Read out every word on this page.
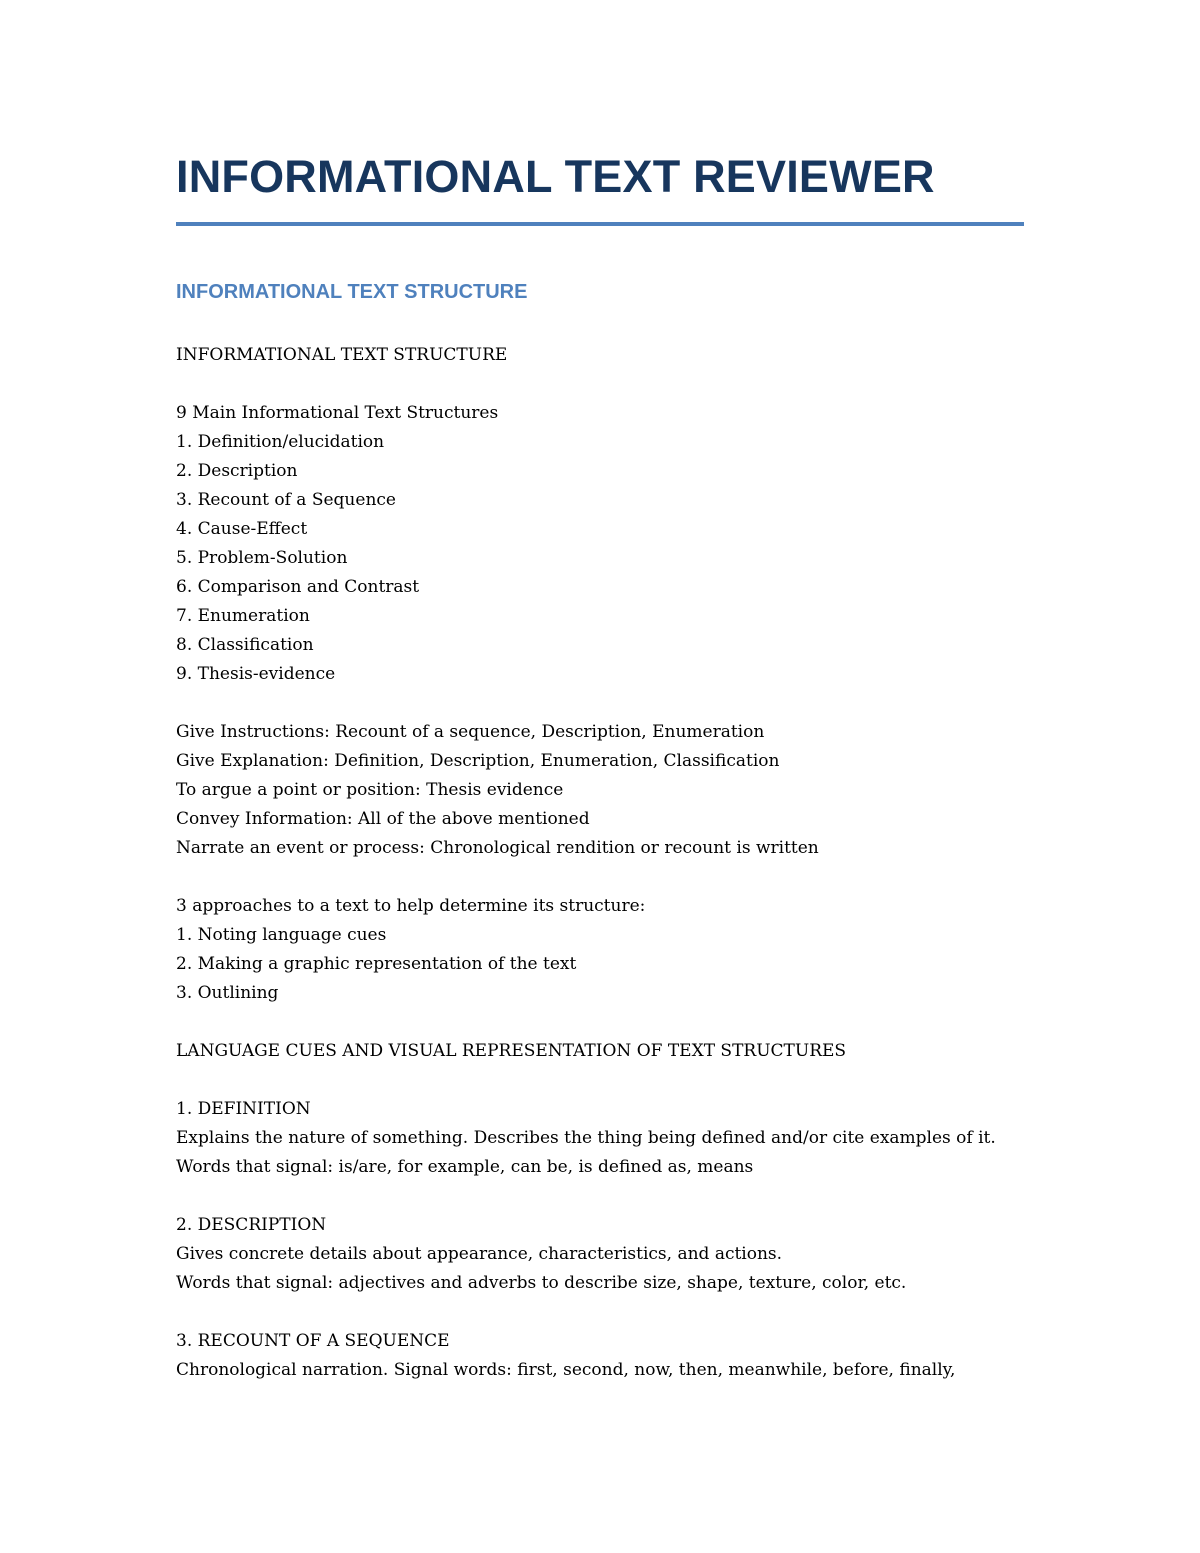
INFORMATIONAL TEXT REVIEWER
INFORMATIONAL TEXT STRUCTURE
INFORMATIONAL TEXT STRUCTURE
9 Main Informational Text Structures
1. Definition/elucidation
2. Description
3. Recount of a Sequence
4. Cause-Effect
5. Problem-Solution
6. Comparison and Contrast
7. Enumeration
8. Classification
9. Thesis-evidence
Give Instructions: Recount of a sequence, Description, Enumeration
Give Explanation: Definition, Description, Enumeration, Classification
To argue a point or position: Thesis evidence
Convey Information: All of the above mentioned
Narrate an event or process: Chronological rendition or recount is written
3 approaches to a text to help determine its structure:
1. Noting language cues
2. Making a graphic representation of the text
3. Outlining
LANGUAGE CUES AND VISUAL REPRESENTATION OF TEXT STRUCTURES
1. DEFINITION
Explains the nature of something. Describes the thing being defined and/or cite examples of it.
Words that signal: is/are, for example, can be, is defined as, means
2. DESCRIPTION
Gives concrete details about appearance, characteristics, and actions.
Words that signal: adjectives and adverbs to describe size, shape, texture, color, etc.
3. RECOUNT OF A SEQUENCE
Chronological narration. Signal words: first, second, now, then, meanwhile, before, finally,
